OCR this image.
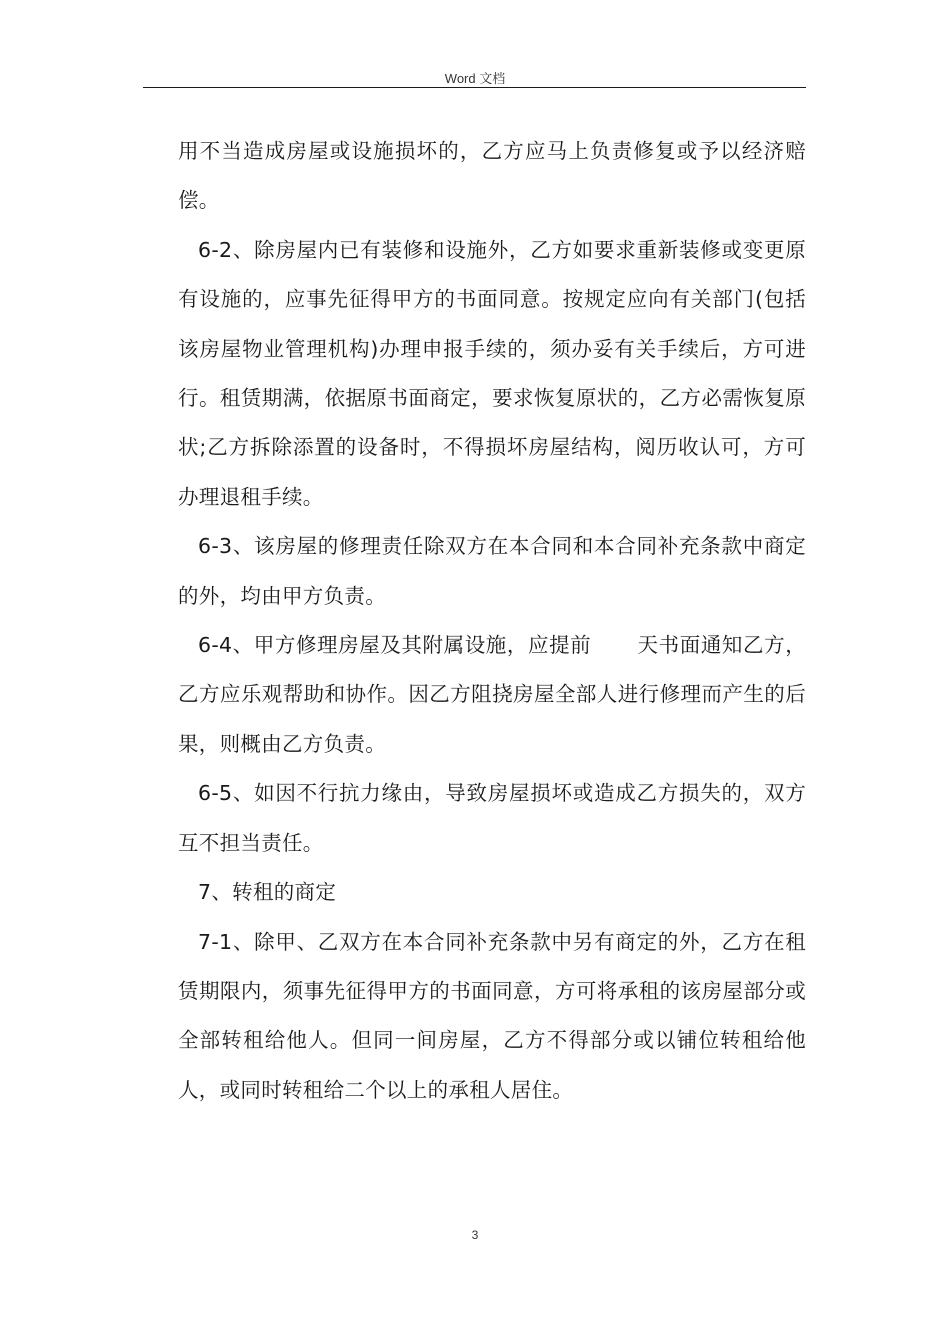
Word 文档

用不当造成房屋或设施损坏的，乙方应马上负责修复或予以经济赔偿。

6-2、除房屋内已有装修和设施外，乙方如要求重新装修或变更原有设施的，应事先征得甲方的书面同意。按规定应向有关部门(包括该房屋物业管理机构)办理申报手续的，须办妥有关手续后，方可进行。租赁期满，依据原书面商定，要求恢复原状的，乙方必需恢复原状;乙方拆除添置的设备时，不得损坏房屋结构，阅历收认可，方可办理退租手续。

6-3、该房屋的修理责任除双方在本合同和本合同补充条款中商定的外，均由甲方负责。

6-4、甲方修理房屋及其附属设施，应提前 天书面通知乙方，乙方应乐观帮助和协作。因乙方阻挠房屋全部人进行修理而产生的后果，则概由乙方负责。

6-5、如因不行抗力缘由，导致房屋损坏或造成乙方损失的，双方互不担当责任。

7、转租的商定

7-1、除甲、乙双方在本合同补充条款中另有商定的外，乙方在租赁期限内，须事先征得甲方的书面同意，方可将承租的该房屋部分或全部转租给他人。但同一间房屋，乙方不得部分或以铺位转租给他人，或同时转租给二个以上的承租人居住。

3
